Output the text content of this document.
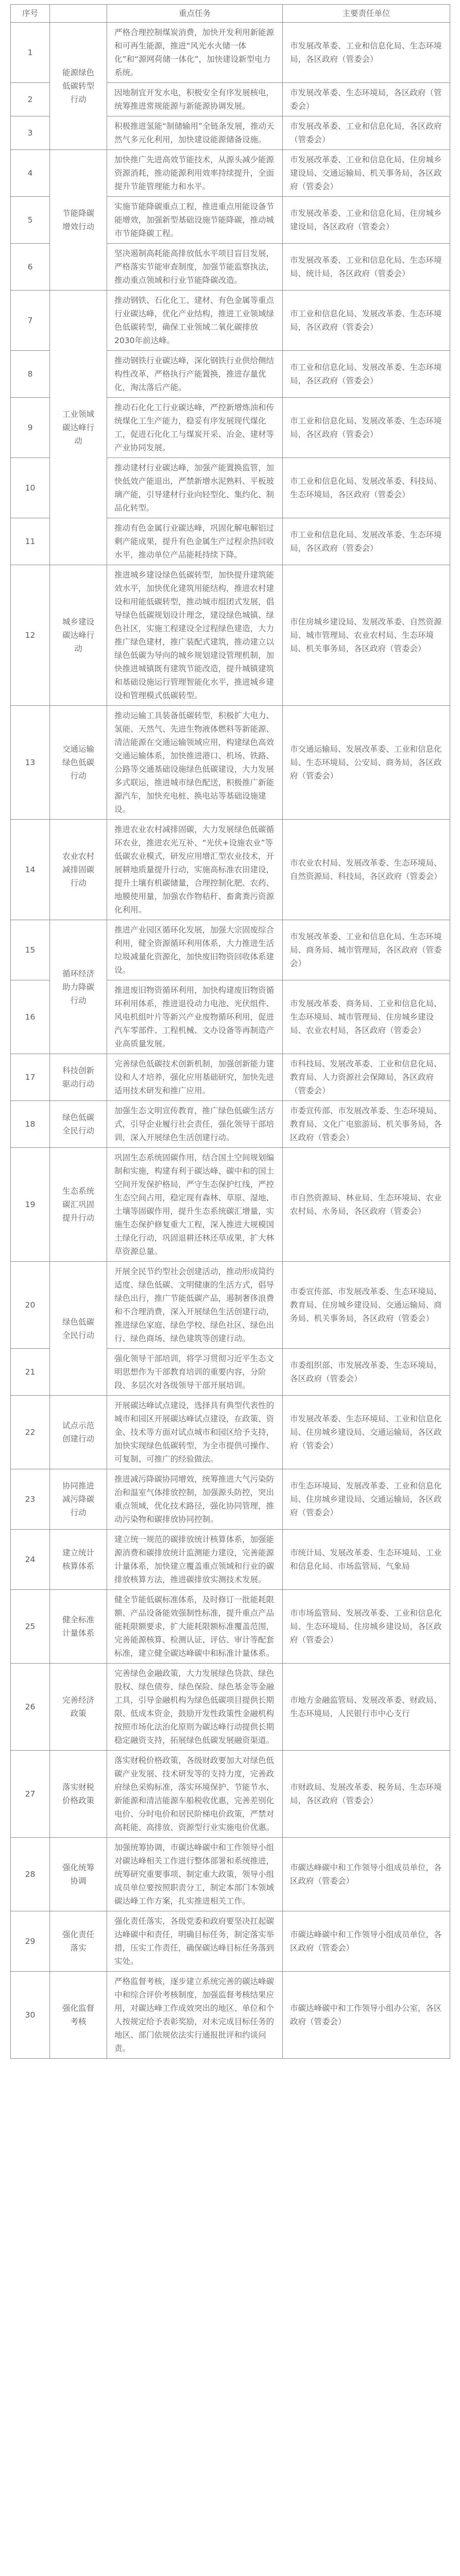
序号		重点任务	主要责任单位
1	能源绿色低碳转型行动	严格合理控制煤炭消费，加快开发利用新能源和可再生能源，推进“风光水火储一体化”和“源网荷储一体化”，加快建设新型电力系统。	市发展改革委、工业和信息化局、生态环境局，各区政府（管委会）
2		因地制宜开发水电，积极安全有序发展核电，统筹推进常规能源与新能源协调发展。	市发展改革委、生态环境局，各区政府（管委会）
3		积极推进氢能“制储输用”全链条发展，推动天然气多元化利用，加快建设能源储备设施。	市发展改革委、工业和信息化局，各区政府（管委会）
4	节能降碳增效行动	加快推广先进高效节能技术，从源头减少能源资源消耗，推动能源利用效率持续提升，全面提升节能管理能力和水平。	市发展改革委、工业和信息化局、住房城乡建设局、交通运输局、机关事务局，各区政府（管委会）
5		实施节能降碳重点工程，推进重点用能设备节能增效，加强新型基础设施节能降碳，推动城市节能降碳工程。	市发展改革委、工业和信息化局、住房城乡建设局，各区政府（管委会）
6		坚决遏制高耗能高排放低水平项目盲目发展，严格落实节能审查制度，加强节能监察执法，推动重点领域和行业节能降碳改造。	市发展改革委、工业和信息化局、生态环境局、统计局，各区政府（管委会）
7	工业领域碳达峰行动	推动钢铁、石化化工、建材、有色金属等重点行业碳达峰，优化产业结构，推进工业领域绿色低碳转型，确保工业领域二氧化碳排放2030年前达峰。	市工业和信息化局、发展改革委、生态环境局，各区政府（管委会）
8		推动钢铁行业碳达峰，深化钢铁行业供给侧结构性改革，严格执行产能置换，推进存量优化，淘汰落后产能。	市工业和信息化局、发展改革委、生态环境局，各区政府（管委会）
9		推动石化化工行业碳达峰，严控新增炼油和传统煤化工生产能力，稳妥有序发展现代煤化工，促进石化化工与煤炭开采、冶金、建材等产业协同发展。	市工业和信息化局、发展改革委、生态环境局，各区政府（管委会）
10		推动建材行业碳达峰，加强产能置换监管，加快低效产能退出，严禁新增水泥熟料、平板玻璃产能，引导建材行业向轻型化、集约化、制品化转型。	市工业和信息化局、发展改革委、科技局、生态环境局，各区政府（管委会）
11		推动有色金属行业碳达峰，巩固化解电解铝过剩产能成果，提升有色金属生产过程余热回收水平，推动单位产品能耗持续下降。	市工业和信息化局、发展改革委、生态环境局，各区政府（管委会）
12	城乡建设碳达峰行动	推进城乡建设绿色低碳转型，加快提升建筑能效水平，加快优化建筑用能结构，推进农村建设和用能低碳转型，推动城市组团式发展，倡导绿色低碳规划设计理念，建设绿色城镇、绿色社区，实施工程建设全过程绿色建造，大力推广绿色建材，推广装配式建筑，推动建立以绿色低碳为导向的城乡规划建设管理机制，加快推进城镇既有建筑节能改造，提升城镇建筑和基础设施运行管理智能化水平，推进城乡建设和管理模式低碳转型。	市住房城乡建设局、发展改革委、自然资源局、城市管理局、农业农村局、生态环境局、机关事务局，各区政府（管委会）
13	交通运输绿色低碳行动	推动运输工具装备低碳转型，积极扩大电力、氢能、天然气、先进生物液体燃料等新能源、清洁能源在交通运输领域应用，构建绿色高效交通运输体系，加快推进港口、机场、铁路、公路等交通基础设施绿色低碳建设，大力发展多式联运，推进城市绿色配送，积极推广新能源汽车，加快充电桩、换电站等基础设施建设。	市交通运输局、发展改革委、工业和信息化局、生态环境局、公安局、商务局，各区政府（管委会）
14	农业农村减排固碳行动	推进农业农村减排固碳，大力发展绿色低碳循环农业，推进农光互补、“光伏+设施农业”等低碳农业模式，研发应用增汇型农业技术，开展耕地质量提升行动，实施高标准农田建设，提升土壤有机碳储量，合理控制化肥、农药、地膜使用量，加强农作物秸秆、畜禽粪污资源化利用。	市农业农村局、发展改革委、生态环境局、自然资源局、科技局，各区政府（管委会）
15	循环经济助力降碳行动	推进产业园区循环化发展，加强大宗固废综合利用，健全资源循环利用体系，大力推进生活垃圾减量化资源化，加快废旧物资回收体系建设。	市发展改革委、工业和信息化局、生态环境局、商务局、城市管理局，各区政府（管委会）
16		推进废旧物资循环利用，加快构建废旧物资循环利用体系，推进退役动力电池、光伏组件、风电机组叶片等新兴产业废物循环利用，促进汽车零部件、工程机械、文办设备等再制造产业高质量发展。	市发展改革委、商务局、工业和信息化局、生态环境局、城市管理局、住房城乡建设局、农业农村局，各区政府（管委会）
17	科技创新驱动行动	完善绿色低碳技术创新机制，加强创新能力建设和人才培养，强化应用基础研究，加快先进适用技术研发和推广应用。	市科技局、发展改革委、工业和信息化局、教育局、人力资源社会保障局，各区政府（管委会）
18	绿色低碳全民行动	加强生态文明宣传教育，推广绿色低碳生活方式，引导企业履行社会责任，强化领导干部培训，深入开展绿色生活创建行动。	市委宣传部、市发展改革委、生态环境局、教育局、文化广电旅游局、机关事务局，各区政府（管委会）
19	生态系统碳汇巩固提升行动	巩固生态系统固碳作用，结合国土空间规划编制和实施，构建有利于碳达峰、碳中和的国土空间开发保护格局，严守生态保护红线，严控生态空间占用，稳定现有森林、草原、湿地、土壤等固碳作用，提升生态系统碳汇增量，实施生态保护修复重大工程，深入推进大规模国土绿化行动，巩固退耕还林还草成果，扩大林草资源总量。	市自然资源局、林业局、生态环境局、农业农村局、水务局，各区政府（管委会）
20	绿色低碳全民行动	开展全民节约型社会创建活动，推动形成简约适度、绿色低碳、文明健康的生活方式，倡导绿色出行，推广节能低碳产品，遏制奢侈浪费和不合理消费，深入开展绿色生活创建行动，推进绿色家庭、绿色学校、绿色社区、绿色出行、绿色商场、绿色建筑等创建行动。	市委宣传部、市发展改革委、生态环境局、教育局、住房城乡建设局、交通运输局、商务局、机关事务局，各区政府（管委会）
21		强化领导干部培训，将学习贯彻习近平生态文明思想作为干部教育培训的重要内容，分阶段、多层次对各级领导干部开展培训。	市委组织部、市发展改革委、生态环境局，各区政府（管委会）
22	试点示范创建行动	开展碳达峰试点建设，选择具有典型代表性的城市和园区开展碳达峰试点建设，在政策、资金、技术等方面对试点城市和园区给予支持，加快实现绿色低碳转型，为全市提供可操作、可复制、可推广的经验做法。	市发展改革委、生态环境局、工业和信息化局、住房城乡建设局、交通运输局，各区政府（管委会）
23	协同推进减污降碳行动	推进减污降碳协同增效，统筹推进大气污染防治和温室气体排放控制，加强源头防控，突出重点领域，优化技术路径，强化协同管理，推动污染物和碳排放协同控制。	市生态环境局、发展改革委、工业和信息化局、住房城乡建设局、交通运输局，各区政府（管委会）
24	建立统计核算体系	建立统一规范的碳排放统计核算体系，加强能源消费和碳排放统计监测能力建设，完善能源计量体系，加快建立覆盖重点领域和行业的碳排放核算方法，推进碳排放实测技术发展。	市统计局、发展改革委、生态环境局、工业和信息化局、市场监管局、气象局
25	健全标准计量体系	健全节能低碳标准体系，及时修订一批能耗限额、产品设备能效强制性标准，提升重点产品能耗限额要求，扩大能耗限额标准覆盖范围，完善能源核算、检测认证、评估、审计等配套标准，建立健全碳达峰碳中和标准计量体系。	市市场监管局、发展改革委、工业和信息化局、生态环境局、住房城乡建设局，各区政府（管委会）
26	完善经济政策	完善绿色金融政策，大力发展绿色贷款、绿色股权、绿色债券、绿色保险、绿色基金等金融工具，引导金融机构为绿色低碳项目提供长期限、低成本资金，鼓励开发性政策性金融机构按照市场化法治化原则为碳达峰行动提供长期稳定融资支持，拓展绿色低碳发展融资渠道。	市地方金融监管局、发展改革委、财政局、生态环境局，人民银行市中心支行
27	落实财税价格政策	落实财税价格政策，各级财政要加大对绿色低碳产业发展、技术研发等的支持力度，完善政府绿色采购标准，落实环境保护、节能节水、新能源和清洁能源车船税收优惠，完善差别化电价、分时电价和居民阶梯电价政策，严禁对高耗能、高排放、资源型行业实施电价优惠。	市财政局、发展改革委、税务局、生态环境局，各区政府（管委会）
28	强化统筹协调	加强统筹协调，市碳达峰碳中和工作领导小组对碳达峰相关工作进行整体部署和系统推进，统筹研究重要事项、制定重大政策，领导小组成员单位要按照职责分工，制定本部门本领域碳达峰工作方案，扎实推进相关工作。	市碳达峰碳中和工作领导小组成员单位，各区政府（管委会）
29	强化责任落实	强化责任落实，各级党委和政府要坚决扛起碳达峰碳中和责任，明确目标任务，制定落实举措，压实工作责任，确保碳达峰目标任务落到实处。	市碳达峰碳中和工作领导小组成员单位，各区政府（管委会）
30	强化监督考核	严格监督考核，逐步建立系统完善的碳达峰碳中和综合评价考核制度，加强监督考核结果应用，对碳达峰工作成效突出的地区、单位和个人按规定给予表彰奖励，对未完成目标任务的地区、部门依规依法实行通报批评和约谈问责。	市碳达峰碳中和工作领导小组办公室，各区政府（管委会）
